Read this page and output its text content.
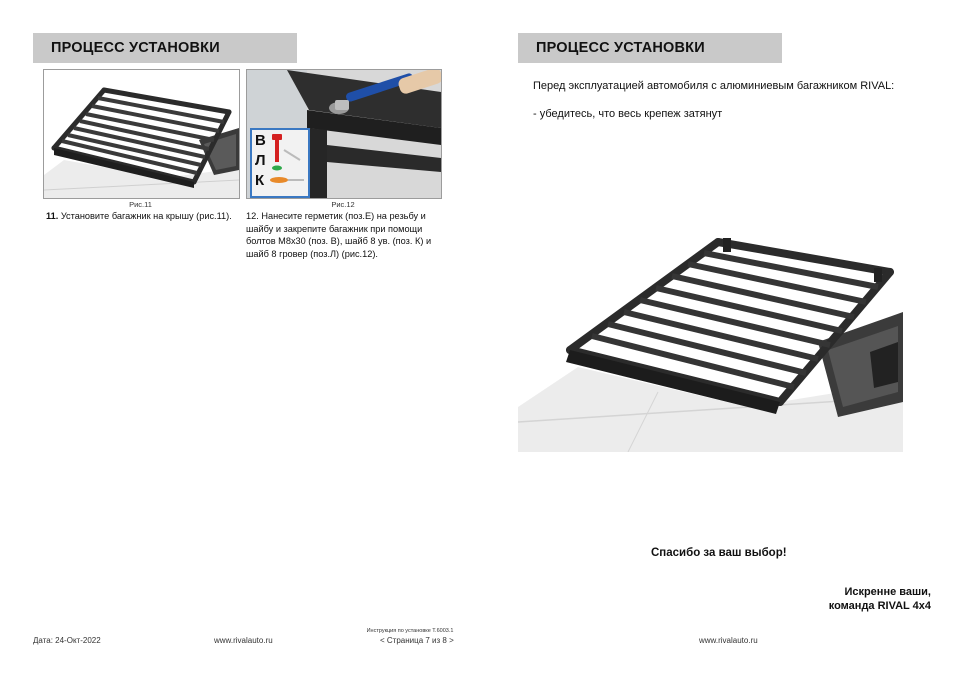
ПРОЦЕСС УСТАНОВКИ
Рис.11
11. Установите багажник на крышу (рис.11).
В
Л
К
Рис.12
12. Нанесите герметик (поз.Е) на резьбу и
шайбу и закрепите багажник при помощи
болтов М8х30 (поз. В), шайб 8 ув. (поз. К) и
шайб 8 гровер (поз.Л) (рис.12).
Дата: 24-Окт-2022	www.rivalauto.ru
Инструкция по установке T.6003.1
< Страница 7 из 8 >
ПРОЦЕСС УСТАНОВКИ
Перед эксплуатацией автомобиля с алюминиевым багажником RIVAL:
- убедитесь, что весь крепеж затянут
Спасибо за ваш выбор!
Искренне ваши,
команда RIVAL 4x4
www.rivalauto.ru
